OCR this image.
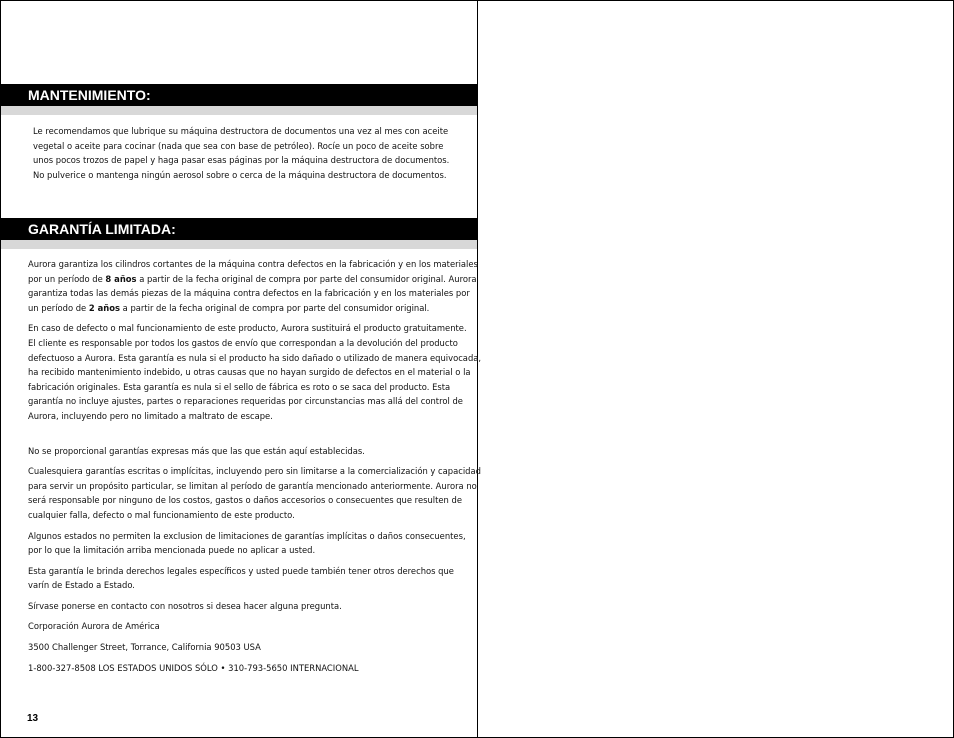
MANTENIMIENTO:

Le recomendamos que lubrique su máquina destructora de documentos una vez al mes con aceite
vegetal o aceite para cocinar (nada que sea con base de petróleo). Rocíe un poco de aceite sobre
unos pocos trozos de papel y haga pasar esas páginas por la máquina destructora de documentos.
No pulverice o mantenga ningún aerosol sobre o cerca de la máquina destructora de documentos.

GARANTÍA LIMITADA:

Aurora garantiza los cilindros cortantes de la máquina contra defectos en la fabricación y en los materiales
por un período de 8 años a partir de la fecha original de compra por parte del consumidor original. Aurora
garantiza todas las demás piezas de la máquina contra defectos en la fabricación y en los materiales por
un período de 2 años a partir de la fecha original de compra por parte del consumidor original.

En caso de defecto o mal funcionamiento de este producto, Aurora sustituirá el producto gratuitamente.
El cliente es responsable por todos los gastos de envío que correspondan a la devolución del producto
defectuoso a Aurora. Esta garantía es nula si el producto ha sido dañado o utilizado de manera equivocada,
ha recibido mantenimiento indebido, u otras causas que no hayan surgido de defectos en el material o la
fabricación originales. Esta garantía es nula si el sello de fábrica es roto o se saca del producto. Esta
garantía no incluye ajustes, partes o reparaciones requeridas por circunstancias mas allá del control de
Aurora, incluyendo pero no limitado a maltrato de escape.

No se proporcional garantías expresas más que las que están aquí establecidas.

Cualesquiera garantías escritas o implícitas, incluyendo pero sin limitarse a la comercialización y capacidad
para servir un propósito particular, se limitan al período de garantía mencionado anteriormente. Aurora no
será responsable por ninguno de los costos, gastos o daños accesorios o consecuentes que resulten de
cualquier falla, defecto o mal funcionamiento de este producto.

Algunos estados no permiten la exclusion de limitaciones de garantías implícitas o daños consecuentes,
por lo que la limitación arriba mencionada puede no aplicar a usted.

Esta garantía le brinda derechos legales específicos y usted puede también tener otros derechos que
varín de Estado a Estado.

Sírvase ponerse en contacto con nosotros si desea hacer alguna pregunta.

Corporación Aurora de América

3500 Challenger Street, Torrance, California 90503 USA

1-800-327-8508 LOS ESTADOS UNIDOS SÓLO • 310-793-5650 INTERNACIONAL

13
